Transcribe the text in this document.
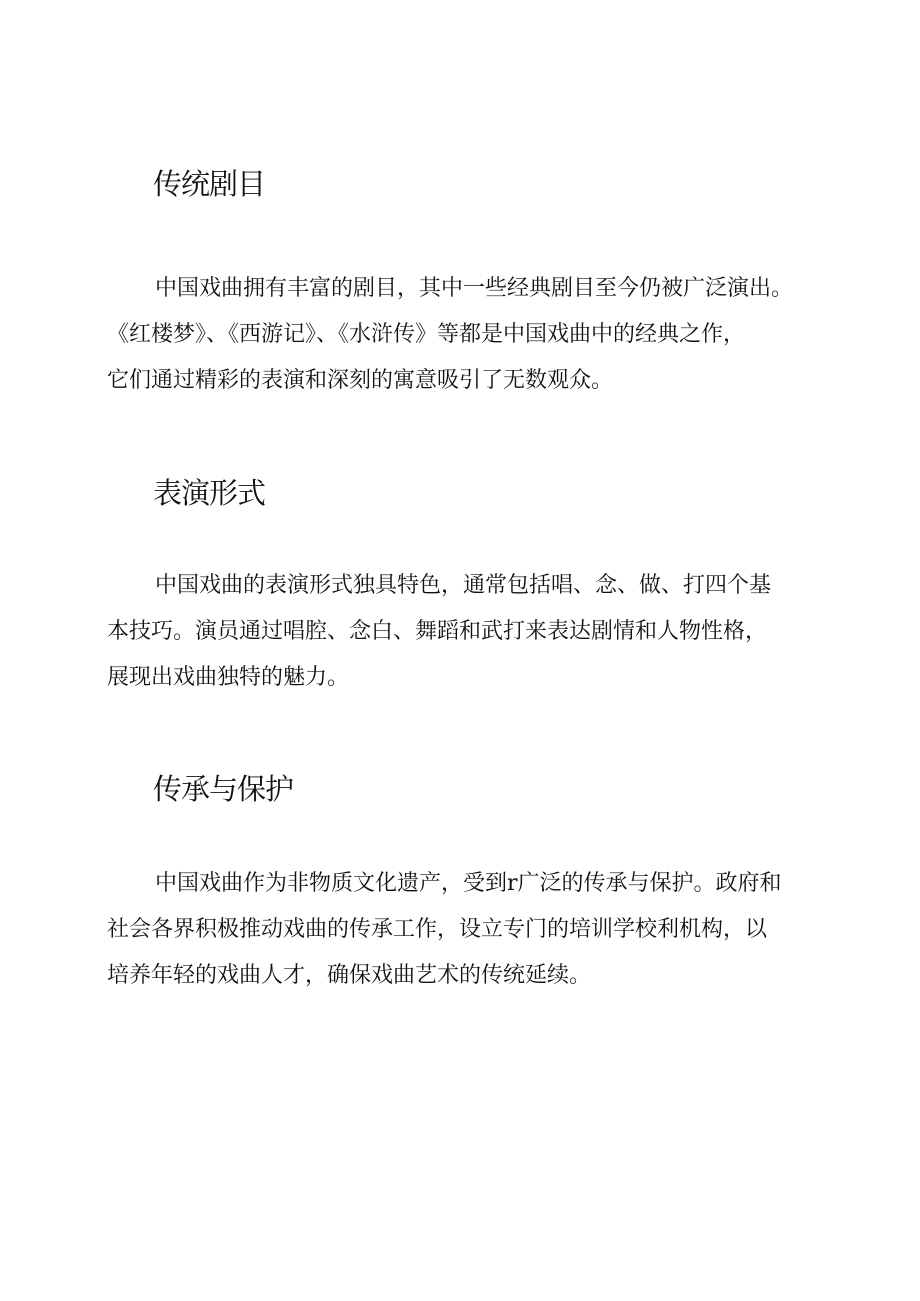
传统剧目

中国戏曲拥有丰富的剧目，其中一些经典剧目至今仍被广泛演出。
《红楼梦》、《西游记》、《水浒传》等都是中国戏曲中的经典之作，
它们通过精彩的表演和深刻的寓意吸引了无数观众。

表演形式

中国戏曲的表演形式独具特色，通常包括唱、念、做、打四个基
本技巧。演员通过唱腔、念白、舞蹈和武打来表达剧情和人物性格，
展现出戏曲独特的魅力。

传承与保护

中国戏曲作为非物质文化遗产，受到r广泛的传承与保护。政府和
社会各界积极推动戏曲的传承工作，设立专门的培训学校利机构，以
培养年轻的戏曲人才，确保戏曲艺术的传统延续。
